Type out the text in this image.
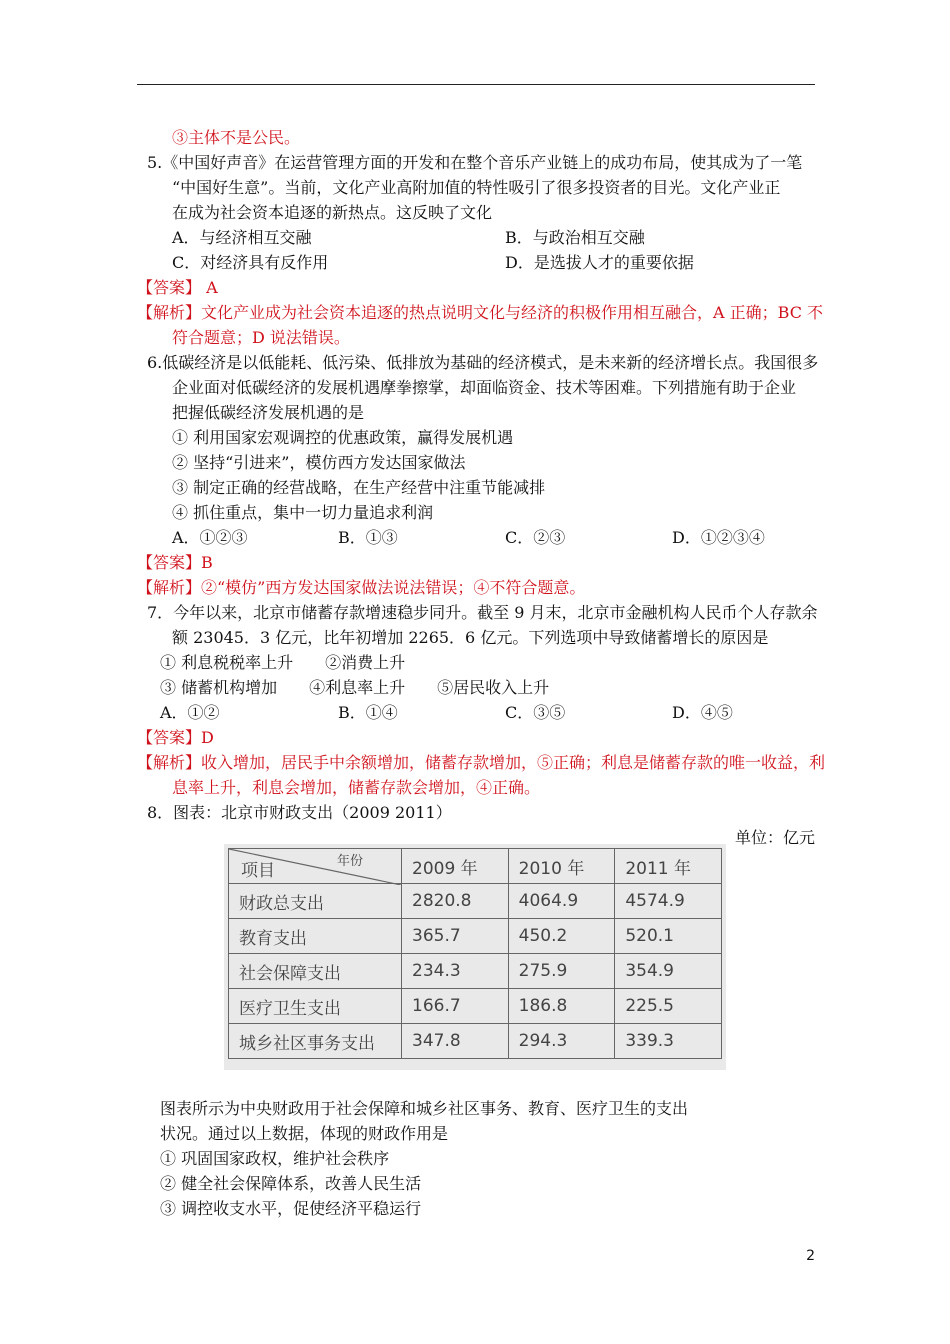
③主体不是公民。
5.《中国好声音》在运营管理方面的开发和在整个音乐产业链上的成功布局，使其成为了一笔
“中国好生意”。当前，文化产业高附加值的特性吸引了很多投资者的目光。文化产业正
在成为社会资本追逐的新热点。这反映了文化
A．与经济相互交融	B．与政治相互交融
C．对经济具有反作用	D．是选拔人才的重要依据
【答案】 A
【解析】文化产业成为社会资本追逐的热点说明文化与经济的积极作用相互融合，A 正确；BC 不
符合题意；D 说法错误。
6.低碳经济是以低能耗、低污染、低排放为基础的经济模式，是未来新的经济增长点。我国很多
企业面对低碳经济的发展机遇摩拳擦掌，却面临资金、技术等困难。下列措施有助于企业
把握低碳经济发展机遇的是
① 利用国家宏观调控的优惠政策，赢得发展机遇
② 坚持“引进来”，模仿西方发达国家做法
③ 制定正确的经营战略，在生产经营中注重节能减排
④ 抓住重点，集中一切力量追求利润
A．①②③	B．①③	C．②③	D．①②③④
【答案】B
【解析】②“模仿”西方发达国家做法说法错误；④不符合题意。
7．今年以来，北京市储蓄存款增速稳步同升。截至 9 月末，北京市金融机构人民币个人存款余
额 23045．3 亿元，比年初增加 2265．6 亿元。下列选项中导致储蓄增长的原因是
① 利息税税率上升　　②消费上升
③ 储蓄机构增加　　④利息率上升　　⑤居民收入上升
A．①②	B．①④	C．③⑤	D．④⑤
【答案】D
【解析】收入增加，居民手中余额增加，储蓄存款增加，⑤正确；利息是储蓄存款的唯一收益，利
息率上升，利息会增加，储蓄存款会增加，④正确。
8．图表：北京市财政支出（2009 2011）
单位：亿元
年份
项目	2009 年	2010 年	2011 年
财政总支出	2820.8	4064.9	4574.9
教育支出	365.7	450.2	520.1
社会保障支出	234.3	275.9	354.9
医疗卫生支出	166.7	186.8	225.5
城乡社区事务支出	347.8	294.3	339.3
图表所示为中央财政用于社会保障和城乡社区事务、教育、医疗卫生的支出
状况。通过以上数据，体现的财政作用是
① 巩固国家政权，维护社会秩序
② 健全社会保障体系，改善人民生活
③ 调控收支水平，促使经济平稳运行
2
